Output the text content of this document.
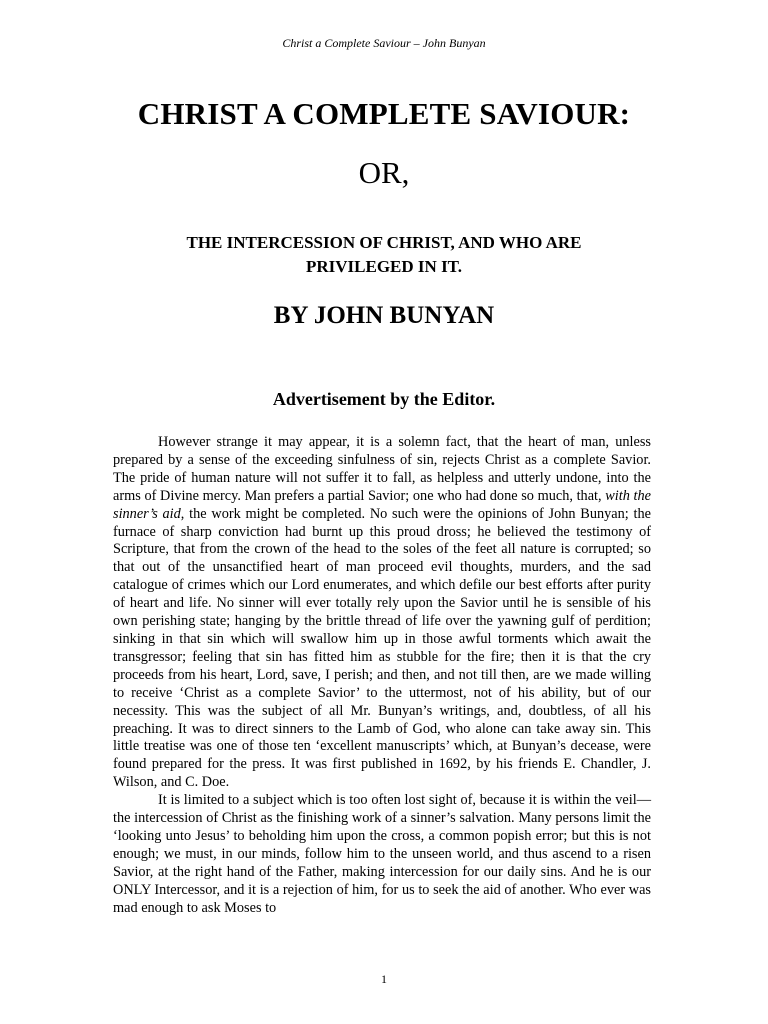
Christ a Complete Saviour – John Bunyan
CHRIST A COMPLETE SAVIOUR:
OR,
THE INTERCESSION OF CHRIST, AND WHO ARE PRIVILEGED IN IT.
BY JOHN BUNYAN
Advertisement by the Editor.

However strange it may appear, it is a solemn fact, that the heart of man, unless prepared by a sense of the exceeding sinfulness of sin, rejects Christ as a complete Savior. The pride of human nature will not suffer it to fall, as helpless and utterly undone, into the arms of Divine mercy. Man prefers a partial Savior; one who had done so much, that, with the sinner’s aid, the work might be completed. No such were the opinions of John Bunyan; the furnace of sharp conviction had burnt up this proud dross; he believed the testimony of Scripture, that from the crown of the head to the soles of the feet all nature is corrupted; so that out of the unsanctified heart of man proceed evil thoughts, murders, and the sad catalogue of crimes which our Lord enumerates, and which defile our best efforts after purity of heart and life. No sinner will ever totally rely upon the Savior until he is sensible of his own perishing state; hanging by the brittle thread of life over the yawning gulf of perdition; sinking in that sin which will swallow him up in those awful torments which await the transgressor; feeling that sin has fitted him as stubble for the fire; then it is that the cry proceeds from his heart, Lord, save, I perish; and then, and not till then, are we made willing to receive ‘Christ as a complete Savior’ to the uttermost, not of his ability, but of our necessity. This was the subject of all Mr. Bunyan’s writings, and, doubtless, of all his preaching. It was to direct sinners to the Lamb of God, who alone can take away sin. This little treatise was one of those ten ‘excellent manuscripts’ which, at Bunyan’s decease, were found prepared for the press. It was first published in 1692, by his friends E. Chandler, J. Wilson, and C. Doe.

It is limited to a subject which is too often lost sight of, because it is within the veil—the intercession of Christ as the finishing work of a sinner’s salvation. Many persons limit the ‘looking unto Jesus’ to beholding him upon the cross, a common popish error; but this is not enough; we must, in our minds, follow him to the unseen world, and thus ascend to a risen Savior, at the right hand of the Father, making intercession for our daily sins. And he is our ONLY Intercessor, and it is a rejection of him, for us to seek the aid of another. Who ever was mad enough to ask Moses to

1
